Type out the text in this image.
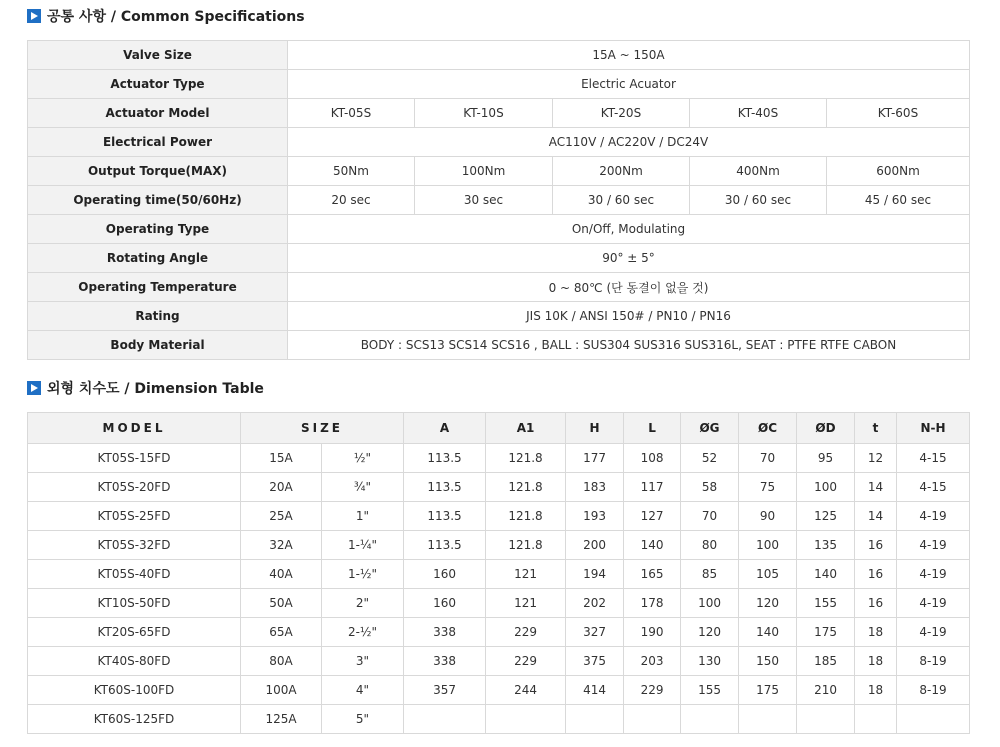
공통 사항 / Common Specifications
Valve Size	15A ~ 150A				
Actuator Type	Electric Acuator				
Actuator Model	KT-05S	KT-10S	KT-20S	KT-40S	KT-60S
Electrical Power	AC110V / AC220V / DC24V				
Output Torque(MAX)	50Nm	100Nm	200Nm	400Nm	600Nm
Operating time(50/60Hz)	20 sec	30 sec	30 / 60 sec	30 / 60 sec	45 / 60 sec
Operating Type	On/Off, Modulating				
Rotating Angle	90° ± 5°				
Operating Temperature	0 ~ 80℃ (단 동결이 없을 것)				
Rating	JIS 10K / ANSI 150# / PN10 / PN16				
Body Material	BODY : SCS13 SCS14 SCS16 , BALL : SUS304 SUS316 SUS316L, SEAT : PTFE RTFE CABON				
외형 치수도 / Dimension Table
MODEL	SIZE		A	A1	H	L	ØG	ØC	ØD	t	N-H
KT05S-15FD	15A	½"	113.5	121.8	177	108	52	70	95	12	4-15
KT05S-20FD	20A	¾"	113.5	121.8	183	117	58	75	100	14	4-15
KT05S-25FD	25A	1"	113.5	121.8	193	127	70	90	125	14	4-19
KT05S-32FD	32A	1-¼"	113.5	121.8	200	140	80	100	135	16	4-19
KT05S-40FD	40A	1-½"	160	121	194	165	85	105	140	16	4-19
KT10S-50FD	50A	2"	160	121	202	178	100	120	155	16	4-19
KT20S-65FD	65A	2-½"	338	229	327	190	120	140	175	18	4-19
KT40S-80FD	80A	3"	338	229	375	203	130	150	185	18	8-19
KT60S-100FD	100A	4"	357	244	414	229	155	175	210	18	8-19
KT60S-125FD	125A	5"									
